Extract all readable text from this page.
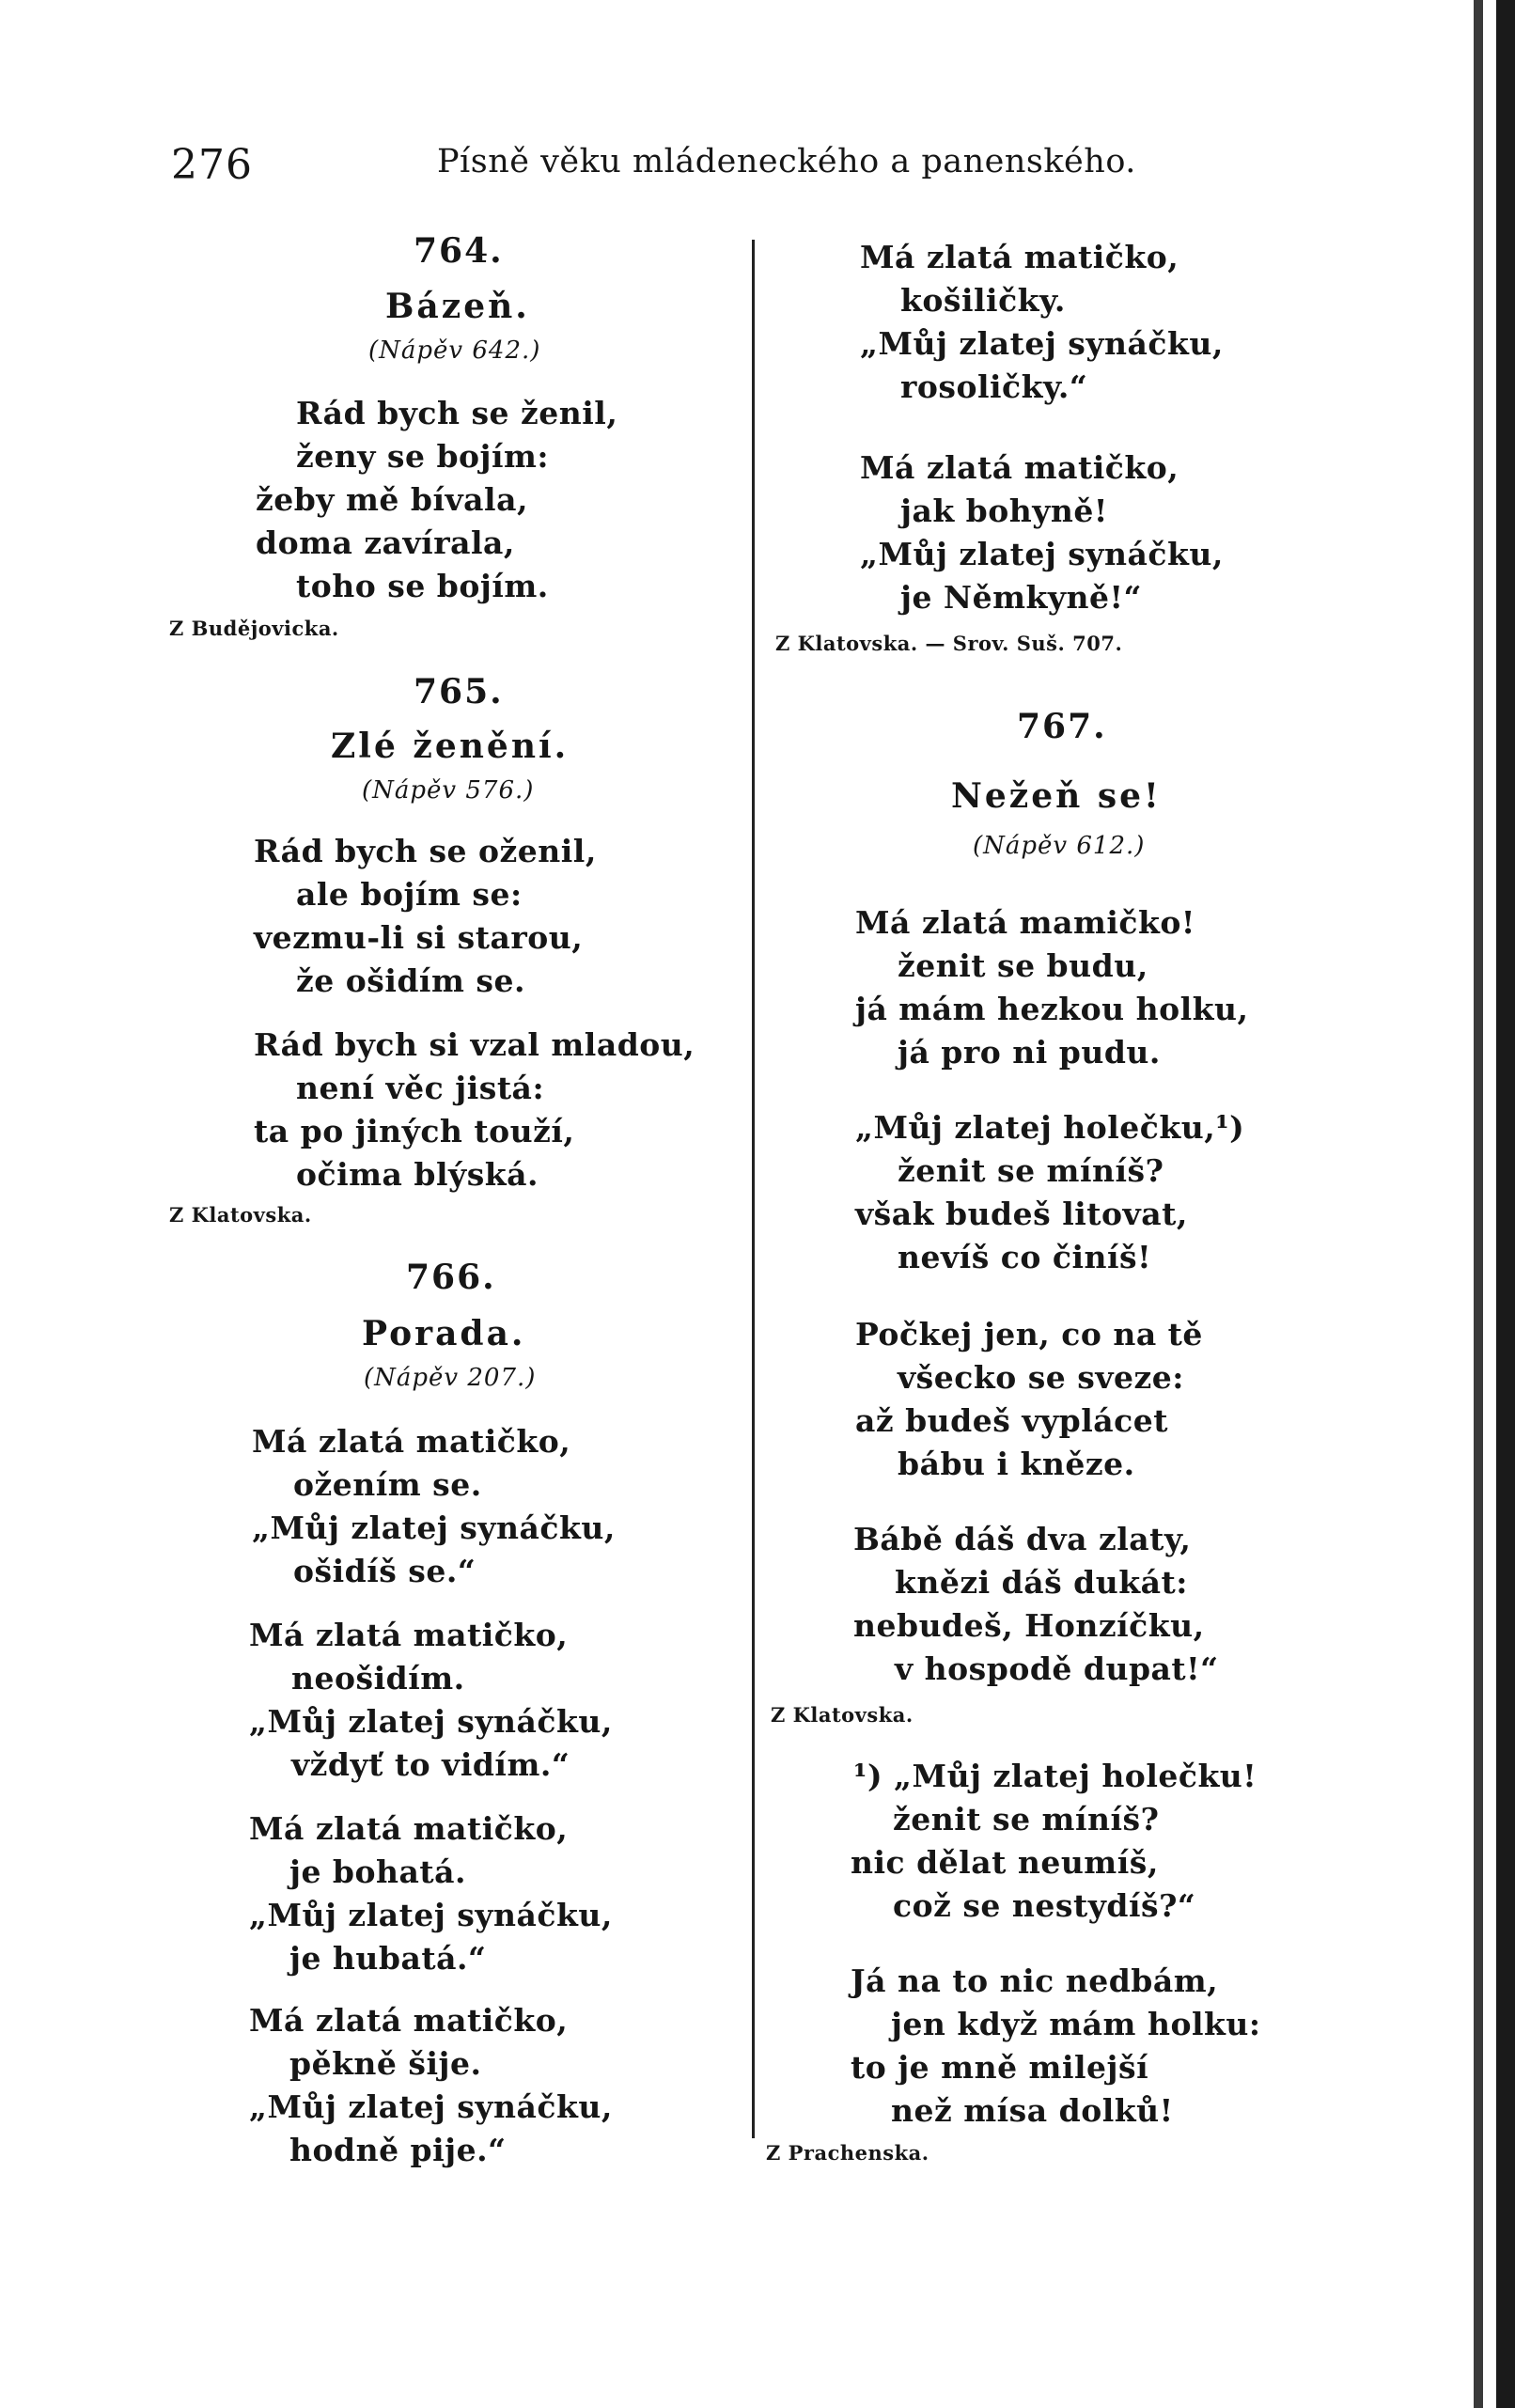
276	Písně věku mládeneckého a panenského.
764.
Bázeň.
(Nápěv 642.)
Rád bych se ženil,
ženy se bojím:
žeby mě bívala,
doma zavírala,
toho se bojím.
Z Budějovicka.
765.
Zlé ženění.
(Nápěv 576.)
Rád bych se oženil,
ale bojím se:
vezmu-li si starou,
že ošidím se.
Rád bych si vzal mladou,
není věc jistá:
ta po jiných touží,
očima blýská.
Z Klatovska.
766.
Porada.
(Nápěv 207.)
Má zlatá matičko,
ožením se.
„Můj zlatej synáčku,
ošidíš se.“
Má zlatá matičko,
neošidím.
„Můj zlatej synáčku,
vždyť to vidím.“
Má zlatá matičko,
je bohatá.
„Můj zlatej synáčku,
je hubatá.“
Má zlatá matičko,
pěkně šije.
„Můj zlatej synáčku,
hodně pije.“
Má zlatá matičko,
košiličky.
„Můj zlatej synáčku,
rosoličky.“
Má zlatá matičko,
jak bohyně!
„Můj zlatej synáčku,
je Němkyně!“
Z Klatovska. — Srov. Suš. 707.
767.
Nežeň se!
(Nápěv 612.)
Má zlatá mamičko!
ženit se budu,
já mám hezkou holku,
já pro ni pudu.
„Můj zlatej holečku,¹)
ženit se míníš?
však budeš litovat,
nevíš co činíš!
Počkej jen, co na tě
všecko se sveze:
až budeš vyplácet
bábu i kněze.
Bábě dáš dva zlaty,
knězi dáš dukát:
nebudeš, Honzíčku,
v hospodě dupat!“
Z Klatovska.
¹) „Můj zlatej holečku!
ženit se míníš?
nic dělat neumíš,
což se nestydíš?“
Já na to nic nedbám,
jen když mám holku:
to je mně milejší
než mísa dolků!
Z Prachenska.
